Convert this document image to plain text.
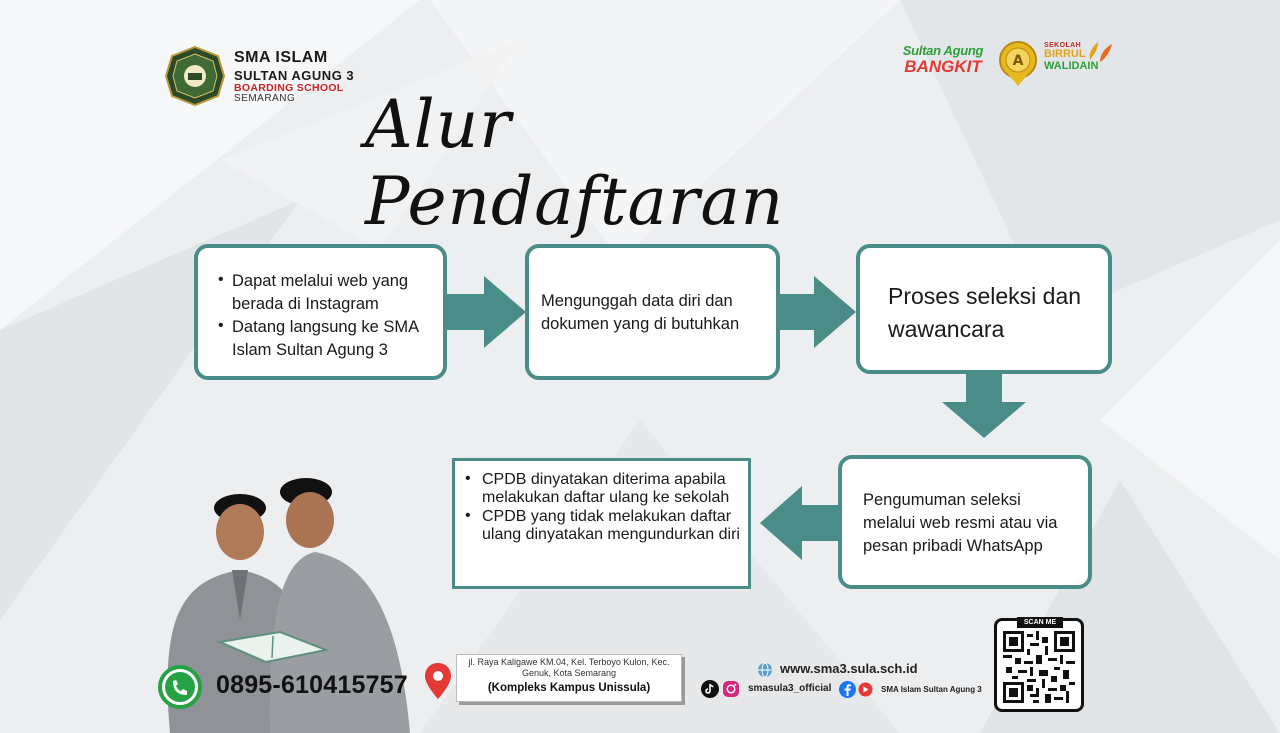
SMA ISLAM
SULTAN AGUNG 3
BOARDING SCHOOL
SEMARANG
Sultan Agung
BANGKIT	A
SEKOLAH
BIRRUL
WALIDAIN
Alur Pendaftaran
• Dapat melalui web yang berada di Instagram
• Datang langsung ke SMA Islam Sultan Agung 3
Mengunggah data diri dan dokumen yang di butuhkan
Proses seleksi dan wawancara
Pengumuman seleksi melalui web resmi atau via pesan pribadi WhatsApp
• CPDB dinyatakan diterima apabila melakukan daftar ulang ke sekolah
• CPDB yang tidak melakukan daftar ulang dinyatakan mengundurkan diri
0895-610415757
jl. Raya Kaligawe KM.04, Kel. Terboyo Kulon, Kec. Genuk, Kota Semarang
(Kompleks Kampus Unissula)
www.sma3.sula.sch.id
smasula3_official	SMA Islam Sultan Agung 3
SCAN ME
